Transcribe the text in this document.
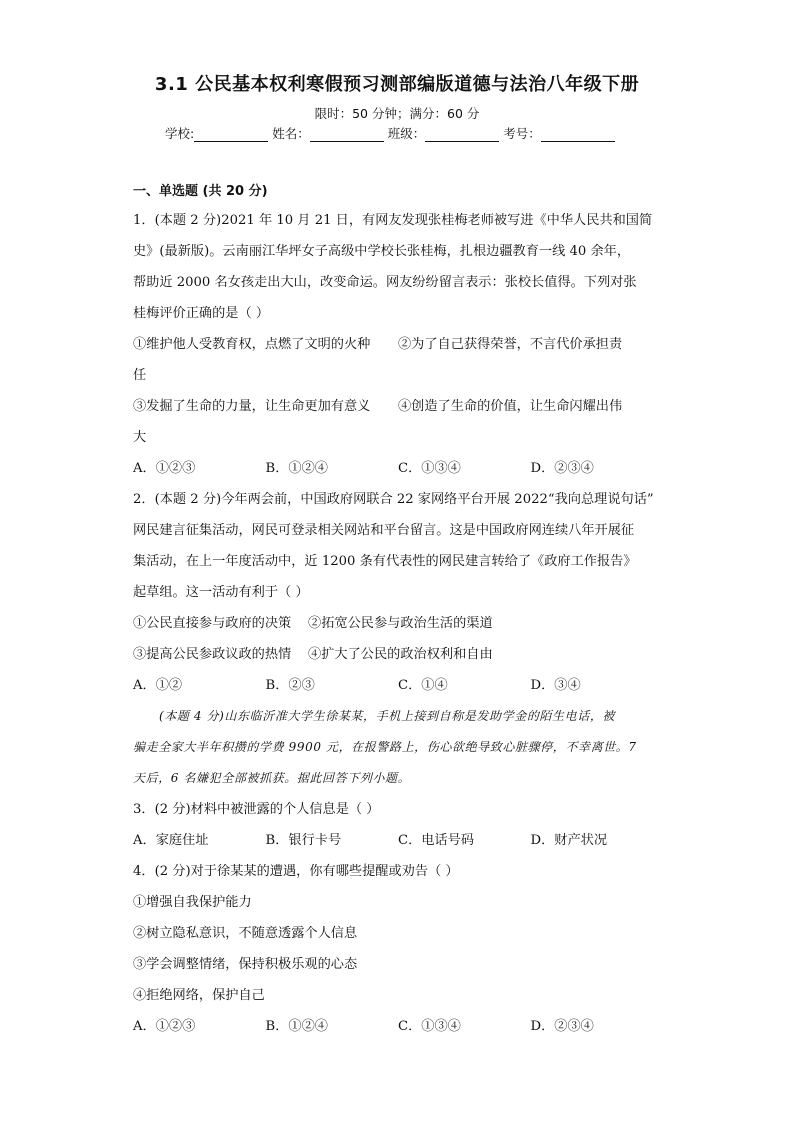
3.1 公民基本权利寒假预习测部编版道德与法治八年级下册
限时：50 分钟；满分：60 分
学校:	姓名：	班级：	考号：
一、单选题 (共 20 分)
1．(本题 2 分)2021 年 10 月 21 日，有网友发现张桂梅老师被写进《中华人民共和国简
史》(最新版)。云南丽江华坪女子高级中学校长张桂梅，扎根边疆教育一线 40 余年，
帮助近 2000 名女孩走出大山，改变命运。网友纷纷留言表示：张校长值得。下列对张
桂梅评价正确的是（ ）
①维护他人受教育权，点燃了文明的火种	②为了自己获得荣誉，不言代价承担责
任
③发掘了生命的力量，让生命更加有意义	④创造了生命的价值，让生命闪耀出伟
大
A．①②③	B．①②④	C．①③④	D．②③④
2．(本题 2 分)今年两会前，中国政府网联合 22 家网络平台开展 2022“我向总理说句话”
网民建言征集活动，网民可登录相关网站和平台留言。这是中国政府网连续八年开展征
集活动，在上一年度活动中，近 1200 条有代表性的网民建言转给了《政府工作报告》
起草组。这一活动有利于（ ）
①公民直接参与政府的决策    ②拓宽公民参与政治生活的渠道
③提高公民参政议政的热情    ④扩大了公民的政治权利和自由
A．①②	B．②③	C．①④	D．③④
(本题 4 分)山东临沂准大学生徐某某，手机上接到自称是发助学金的陌生电话，被
骗走全家大半年积攒的学费 9900 元，在报警路上，伤心欲绝导致心脏骤停，不幸离世。7
天后，6 名嫌犯全部被抓获。据此回答下列小题。
3．(2 分)材料中被泄露的个人信息是（ ）
A．家庭住址	B．银行卡号	C．电话号码	D．财产状况
4．(2 分)对于徐某某的遭遇，你有哪些提醒或劝告（ ）
①增强自我保护能力
②树立隐私意识，不随意透露个人信息
③学会调整情绪，保持积极乐观的心态
④拒绝网络，保护自己
A．①②③	B．①②④	C．①③④	D．②③④
